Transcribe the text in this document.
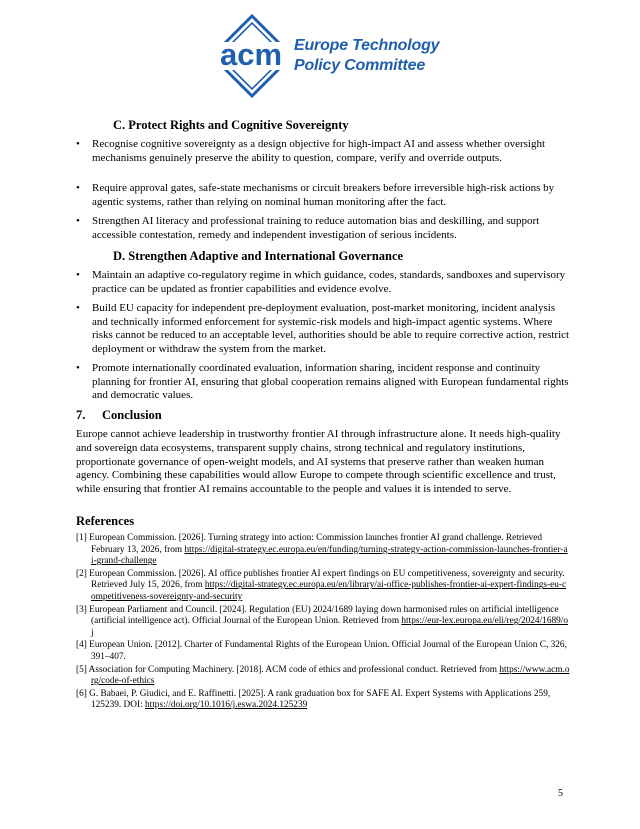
acm Europe Technology
Policy Committee
C. Protect Rights and Cognitive Sovereignty
•	Recognise cognitive sovereignty as a design objective for high-impact AI and assess whether oversight mechanisms genuinely preserve the ability to question, compare, verify and override outputs.
•	Require approval gates, safe-state mechanisms or circuit breakers before irreversible high-risk actions by agentic systems, rather than relying on nominal human monitoring after the fact.
•	Strengthen AI literacy and professional training to reduce automation bias and deskilling, and support accessible contestation, remedy and independent investigation of serious incidents.
D. Strengthen Adaptive and International Governance
•	Maintain an adaptive co-regulatory regime in which guidance, codes, standards, sandboxes and supervisory practice can be updated as frontier capabilities and evidence evolve.
•	Build EU capacity for independent pre-deployment evaluation, post-market monitoring, incident analysis and technically informed enforcement for systemic-risk models and high-impact agentic systems. Where risks cannot be reduced to an acceptable level, authorities should be able to require corrective action, restrict deployment or withdraw the system from the market.
•	Promote internationally coordinated evaluation, information sharing, incident response and continuity planning for frontier AI, ensuring that global cooperation remains aligned with European fundamental rights and democratic values.
7. Conclusion
Europe cannot achieve leadership in trustworthy frontier AI through infrastructure alone. It needs high-quality and sovereign data ecosystems, transparent supply chains, strong technical and regulatory institutions, proportionate governance of open-weight models, and AI systems that preserve rather than weaken human agency. Combining these capabilities would allow Europe to compete through scientific excellence and trust, while ensuring that frontier AI remains accountable to the people and values it is intended to serve.
References
[1] European Commission. [2026]. Turning strategy into action: Commission launches frontier AI grand challenge. Retrieved February 13, 2026, from https://digital-strategy.ec.europa.eu/en/funding/turning-strategy-action-commission-launches-frontier-ai-grand-challenge
[2] European Commission. [2026]. AI office publishes frontier AI expert findings on EU competitiveness, sovereignty and security. Retrieved July 15, 2026, from https://digital-strategy.ec.europa.eu/en/library/ai-office-publishes-frontier-ai-expert-findings-eu-competitiveness-sovereignty-and-security
[3] European Parliament and Council. [2024]. Regulation (EU) 2024/1689 laying down harmonised rules on artificial intelligence (artificial intelligence act). Official Journal of the European Union. Retrieved from https://eur-lex.europa.eu/eli/reg/2024/1689/oj
[4] European Union. [2012]. Charter of Fundamental Rights of the European Union. Official Journal of the European Union C, 326, 391–407.
[5] Association for Computing Machinery. [2018]. ACM code of ethics and professional conduct. Retrieved from https://www.acm.org/code-of-ethics
[6] G. Babaei, P. Giudici, and E. Raffinetti. [2025]. A rank graduation box for SAFE AI. Expert Systems with Applications 259, 125239. DOI: https://doi.org/10.1016/j.eswa.2024.125239
5
